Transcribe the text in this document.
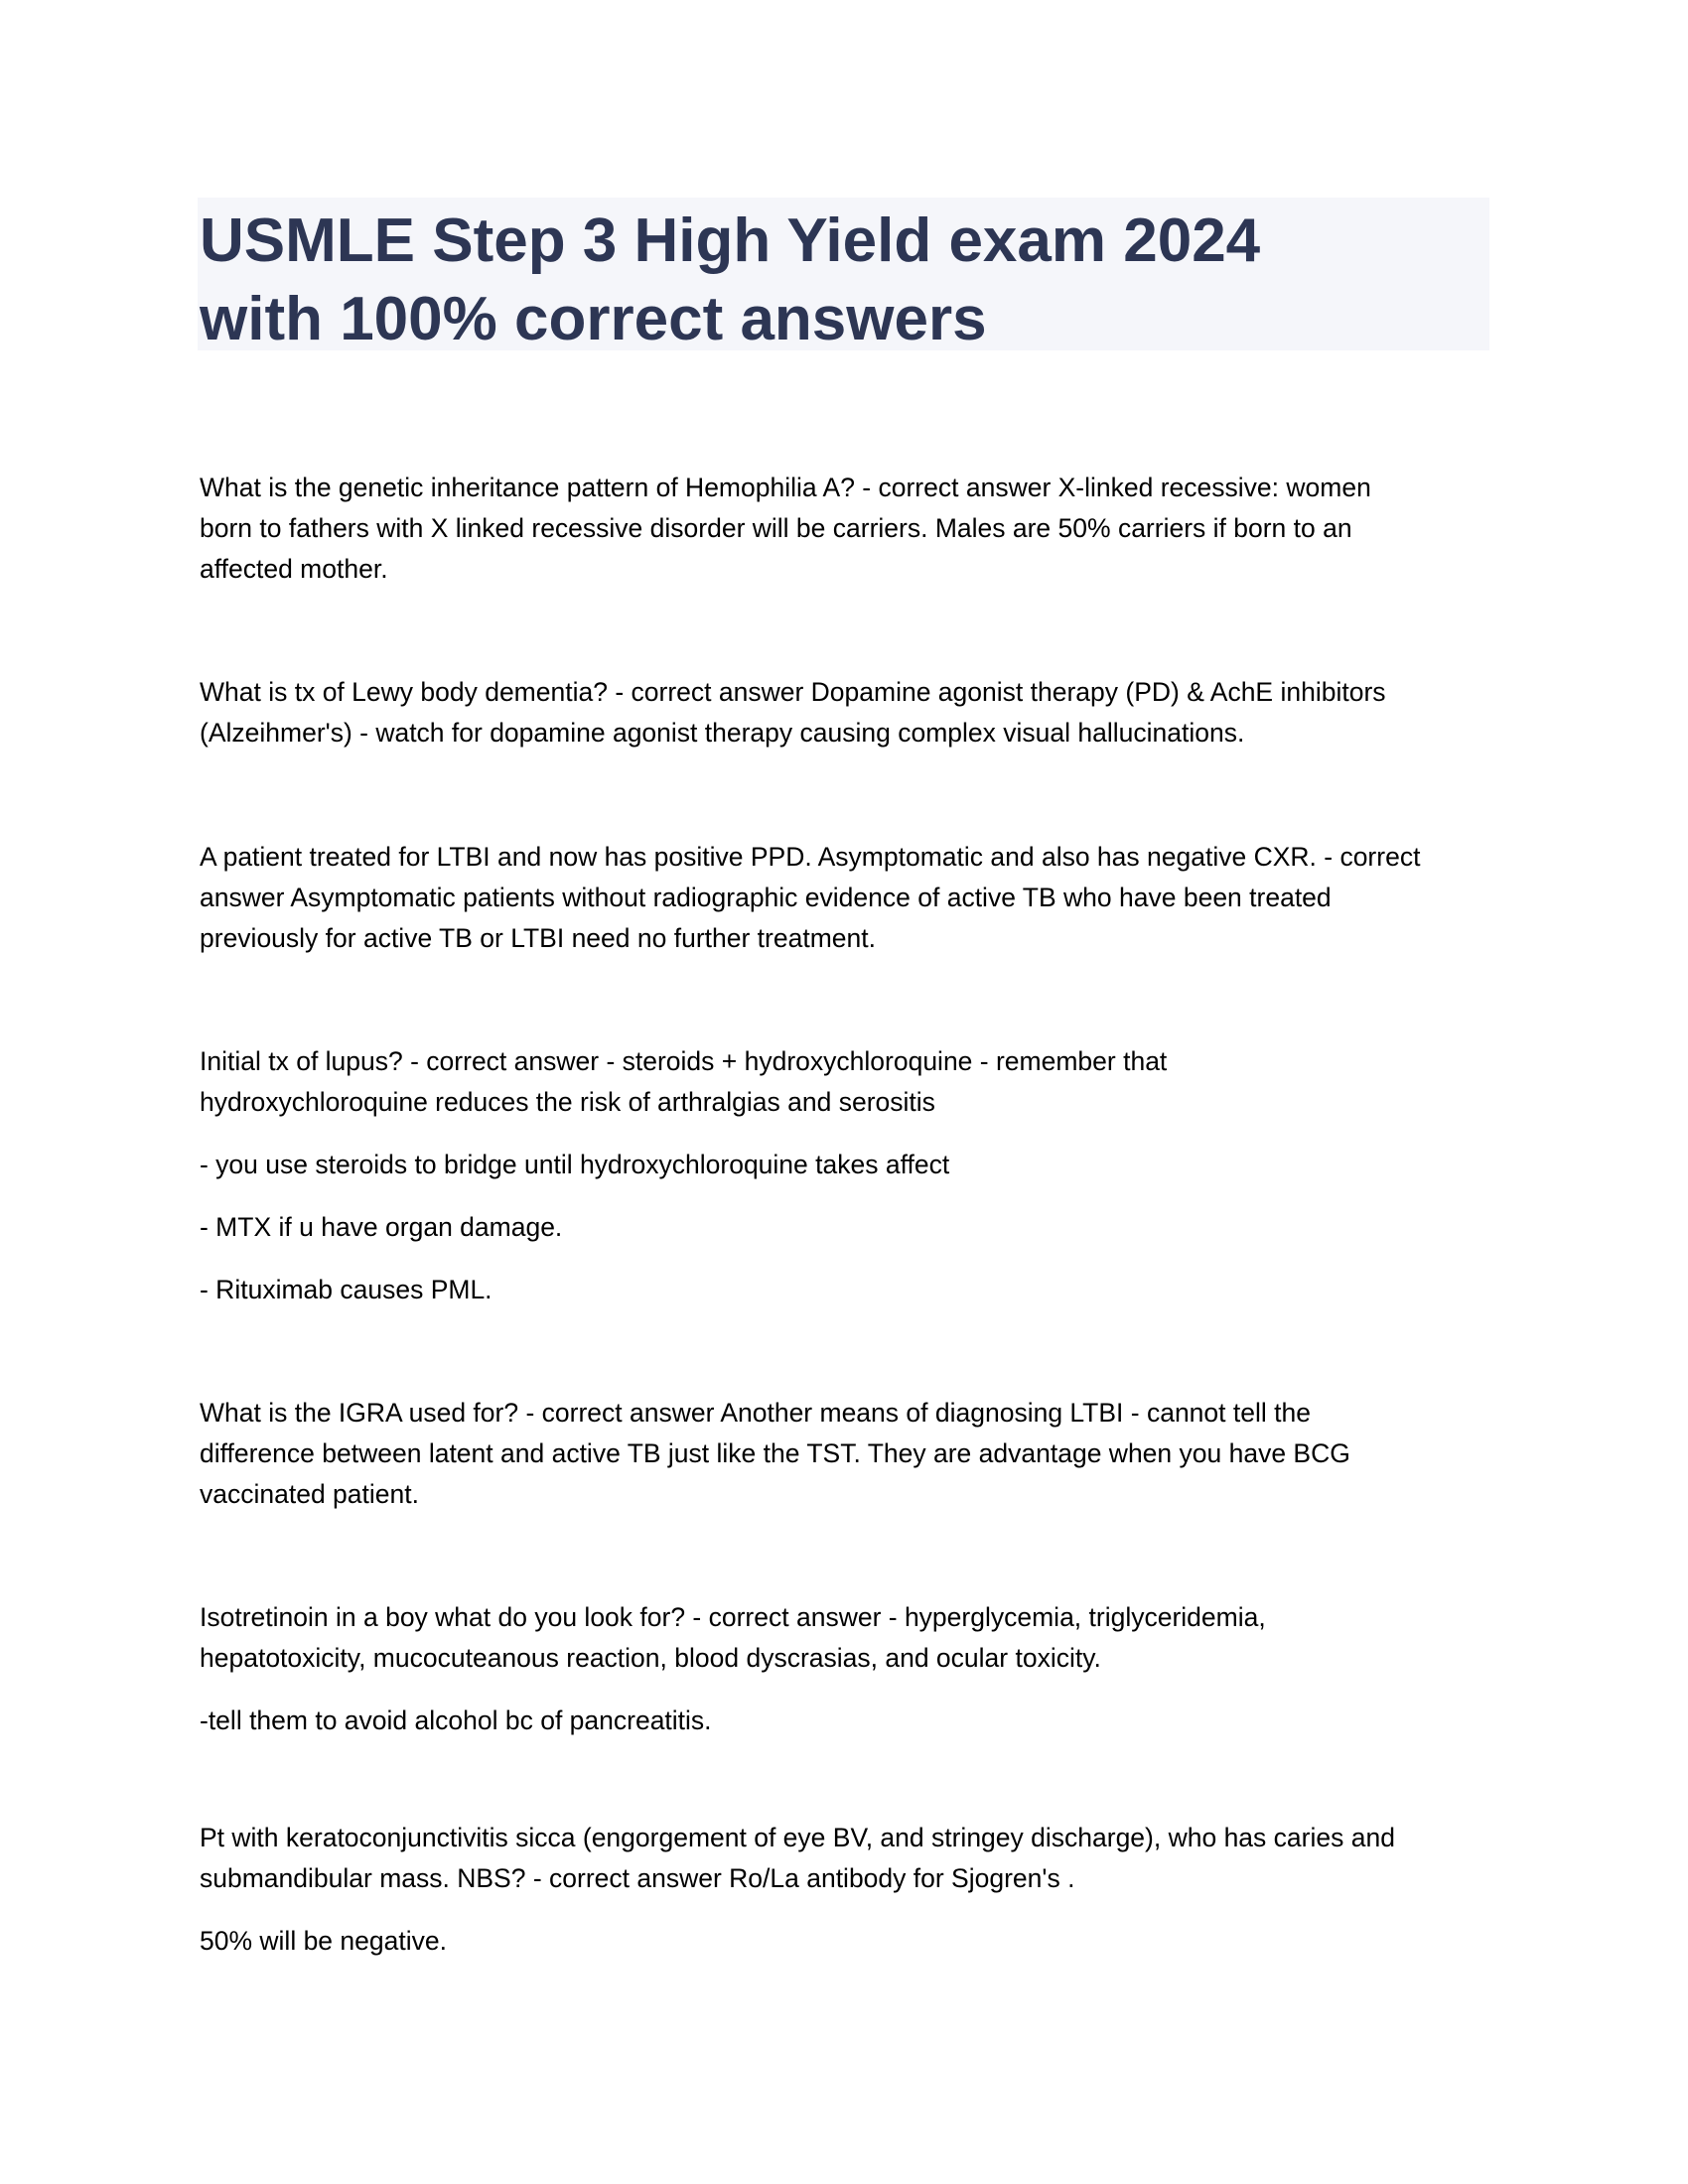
USMLE Step 3 High Yield exam 2024
with 100% correct answers

What is the genetic inheritance pattern of Hemophilia A? - correct answer X-linked recessive: women

born to fathers with X linked recessive disorder will be carriers. Males are 50% carriers if born to an

affected mother.

What is tx of Lewy body dementia? - correct answer Dopamine agonist therapy (PD) & AchE inhibitors

(Alzeihmer's) - watch for dopamine agonist therapy causing complex visual hallucinations.

A patient treated for LTBI and now has positive PPD. Asymptomatic and also has negative CXR. - correct

answer Asymptomatic patients without radiographic evidence of active TB who have been treated

previously for active TB or LTBI need no further treatment.

Initial tx of lupus? - correct answer - steroids + hydroxychloroquine - remember that

hydroxychloroquine reduces the risk of arthralgias and serositis

- you use steroids to bridge until hydroxychloroquine takes affect

- MTX if u have organ damage.

- Rituximab causes PML.

What is the IGRA used for? - correct answer Another means of diagnosing LTBI - cannot tell the

difference between latent and active TB just like the TST. They are advantage when you have BCG

vaccinated patient.

Isotretinoin in a boy what do you look for? - correct answer - hyperglycemia, triglyceridemia,

hepatotoxicity, mucocuteanous reaction, blood dyscrasias, and ocular toxicity.

-tell them to avoid alcohol bc of pancreatitis.

Pt with keratoconjunctivitis sicca (engorgement of eye BV, and stringey discharge), who has caries and

submandibular mass. NBS? - correct answer Ro/La antibody for Sjogren's .

50% will be negative.
